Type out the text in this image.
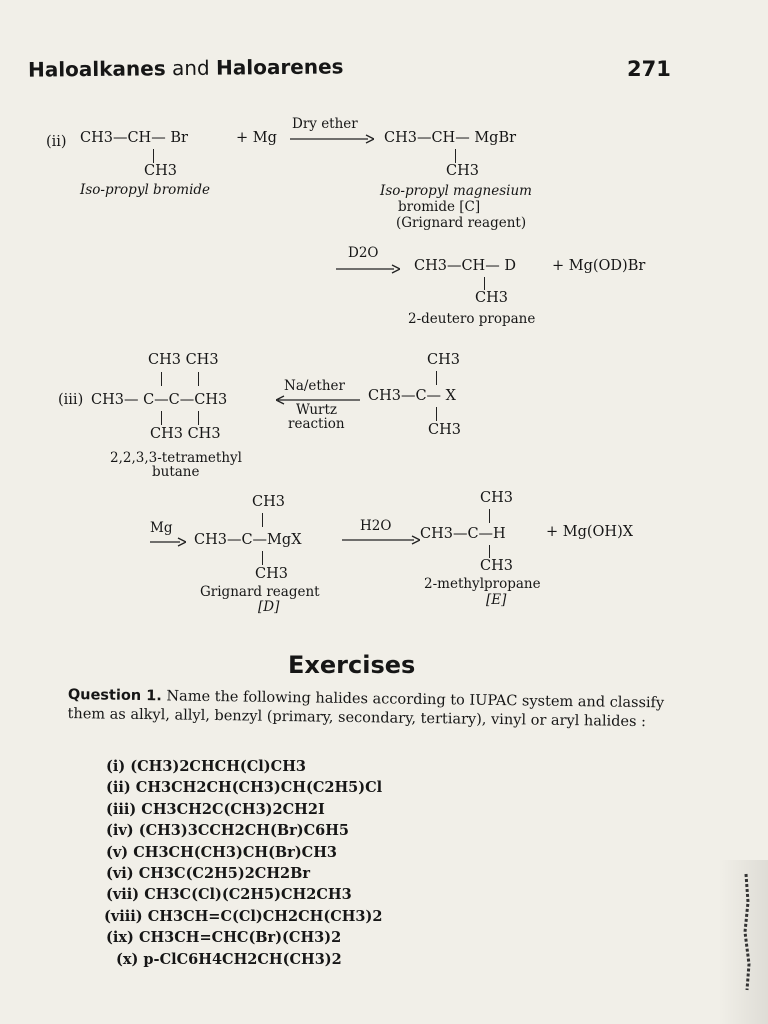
Haloalkanes and Haloarenes	271
(ii) CH3—CH— Br
CH3
+ Mg
Dry ether
CH3—CH— MgBr
CH3
Iso-propyl bromide	Iso-propyl magnesium
bromide [C]
(Grignard reagent)
D2O
→ CH3—CH— D + Mg(OD)Br
CH3
2-deutero propane
CH3 CH3
(iii) CH3— C—C—CH3
CH3 CH3
2,2,3,3-tetramethyl
butane
Na/ether
Wurtz
reaction
CH3
CH3—C— X
CH3
CH3
Mg
→ CH3—C—MgX
CH3
Grignard reagent
[D]
H2O
CH3
CH3—C—H	+ Mg(OH)X
CH3
2-methylpropane
[E]
Exercises
Question 1. Name the following halides according to IUPAC system and classify them as alkyl, allyl, benzyl (primary, secondary, tertiary), vinyl or aryl halides :
(i) (CH3)2CHCH(Cl)CH3
(ii) CH3CH2CH(CH3)CH(C2H5)Cl
(iii) CH3CH2C(CH3)2CH2I
(iv) (CH3)3CCH2CH(Br)C6H5
(v) CH3CH(CH3)CH(Br)CH3
(vi) CH3C(C2H5)2CH2Br
(vii) CH3C(Cl)(C2H5)CH2CH3
(viii) CH3CH=C(Cl)CH2CH(CH3)2
(ix) CH3CH=CHC(Br)(CH3)2
(x) p-ClC6H4CH2CH(CH3)2
